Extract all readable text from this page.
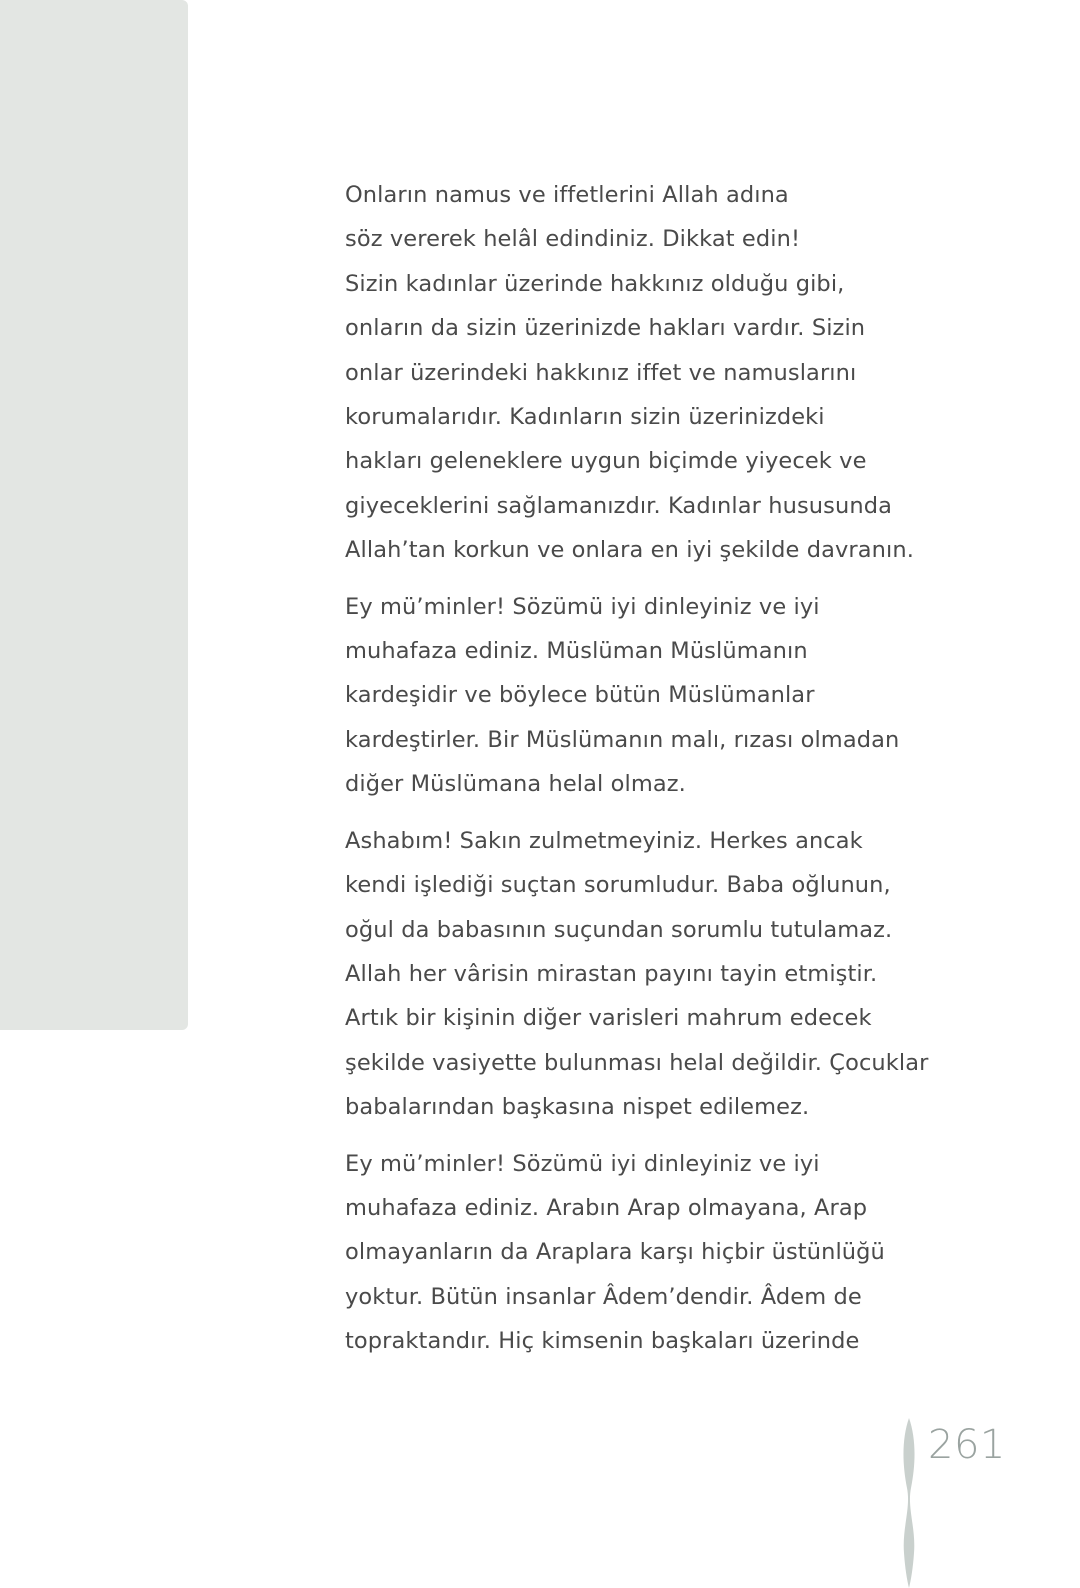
Onların namus ve iffetlerini Allah adına
söz vererek helâl edindiniz. Dikkat edin!
Sizin kadınlar üzerinde hakkınız olduğu gibi,
onların da sizin üzerinizde hakları vardır. Sizin
onlar üzerindeki hakkınız iffet ve namuslarını
korumalarıdır. Kadınların sizin üzerinizdeki
hakları geleneklere uygun biçimde yiyecek ve
giyeceklerini sağlamanızdır. Kadınlar hususunda
Allah’tan korkun ve onlara en iyi şekilde davranın.
Ey mü’minler! Sözümü iyi dinleyiniz ve iyi
muhafaza ediniz. Müslüman Müslümanın
kardeşidir ve böylece bütün Müslümanlar
kardeştirler. Bir Müslümanın malı, rızası olmadan
diğer Müslümana helal olmaz.
Ashabım! Sakın zulmetmeyiniz. Herkes ancak
kendi işlediği suçtan sorumludur. Baba oğlunun,
oğul da babasının suçundan sorumlu tutulamaz.
Allah her vârisin mirastan payını tayin etmiştir.
Artık bir kişinin diğer varisleri mahrum edecek
şekilde vasiyette bulunması helal değildir. Çocuklar
babalarından başkasına nispet edilemez.
Ey mü’minler! Sözümü iyi dinleyiniz ve iyi
muhafaza ediniz. Arabın Arap olmayana, Arap
olmayanların da Araplara karşı hiçbir üstünlüğü
yoktur. Bütün insanlar Âdem’dendir. Âdem de
topraktandır. Hiç kimsenin başkaları üzerinde
261
